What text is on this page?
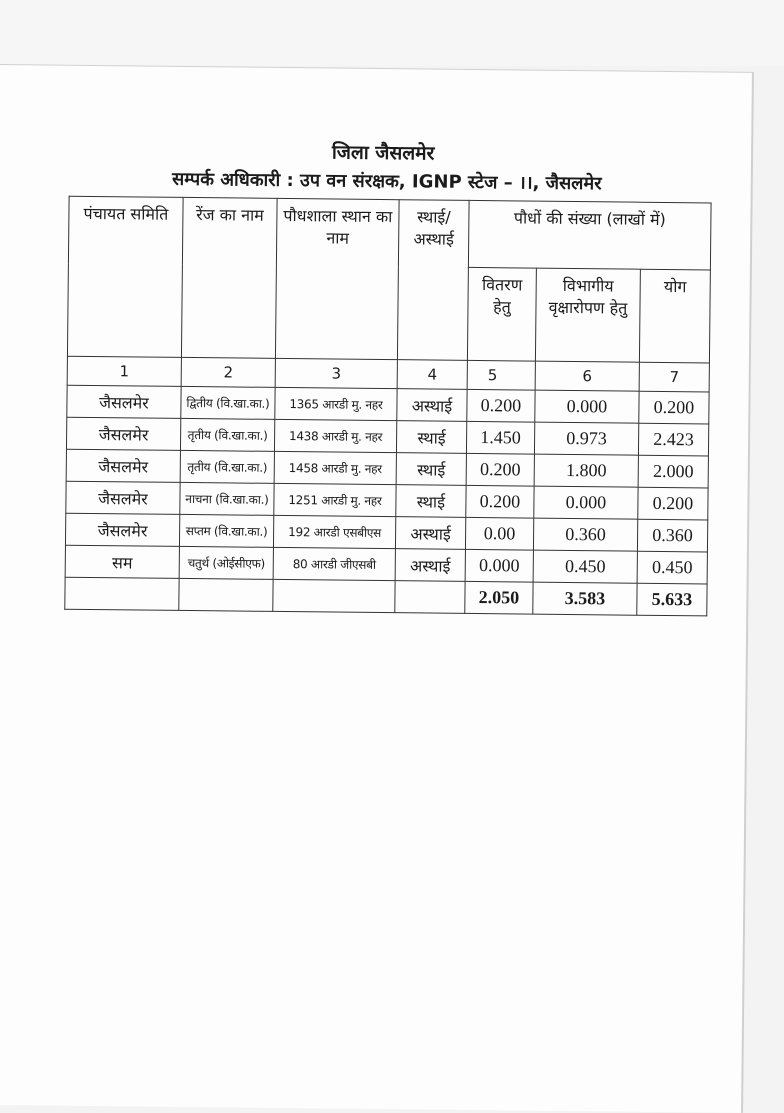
जिला जैसलमेर
सम्पर्क अधिकारी : उप वन संरक्षक, IGNP स्टेज – ।।, जैसलमेर
पंचायत समिति	रेंज का नाम	पौधशाला स्थान का नाम	स्थाई/ अस्थाई	पौधों की संख्या (लाखों में)		
				वितरण हेतु	विभागीय वृक्षारोपण हेतु	योग
1	2	3	4	5	6	7
जैसलमेर	द्वितीय (वि.खा.का.)	1365 आरडी मु. नहर	अस्थाई	0.200	0.000	0.200
जैसलमेर	तृतीय (वि.खा.का.)	1438 आरडी मु. नहर	स्थाई	1.450	0.973	2.423
जैसलमेर	तृतीय (वि.खा.का.)	1458 आरडी मु. नहर	स्थाई	0.200	1.800	2.000
जैसलमेर	नाचना (वि.खा.का.)	1251 आरडी मु. नहर	स्थाई	0.200	0.000	0.200
जैसलमेर	सप्तम (वि.खा.का.)	192 आरडी एसबीएस	अस्थाई	0.00	0.360	0.360
सम	चतुर्थ (ओईसीएफ)	80 आरडी जीएसबी	अस्थाई	0.000	0.450	0.450
				2.050	3.583	5.633
